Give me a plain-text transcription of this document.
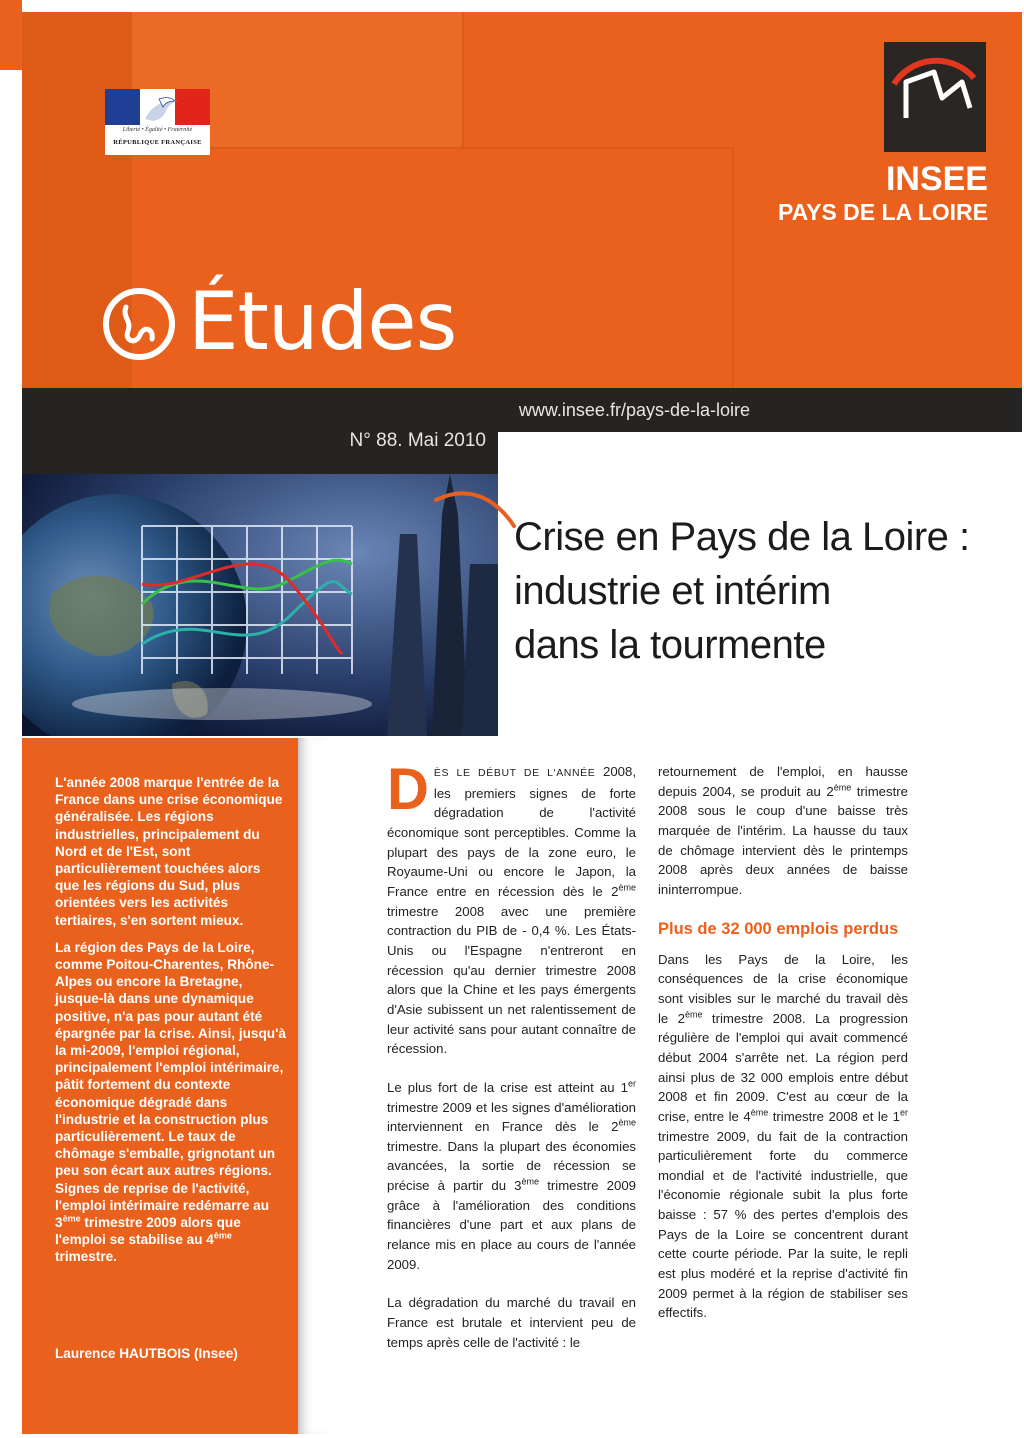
Liberté • Égalité • Fraternité
RÉPUBLIQUE FRANÇAISE
INSEE
PAYS DE LA LOIRE
Études
www.insee.fr/pays-de-la-loire
N° 88. Mai 2010
Crise en Pays de la Loire :
industrie et intérim
dans la tourmente

L'année 2008 marque l'entrée de la France dans une crise économique généralisée. Les régions industrielles, principalement du Nord et de l'Est, sont particulièrement touchées alors que les régions du Sud, plus orientées vers les activités tertiaires, s'en sortent mieux.

La région des Pays de la Loire, comme Poitou-Charentes, Rhône-Alpes ou encore la Bretagne, jusque-là dans une dynamique positive, n'a pas pour autant été épargnée par la crise. Ainsi, jusqu'à la mi-2009, l'emploi régional, principalement l'emploi intérimaire, pâtit fortement du contexte économique dégradé dans l'industrie et la construction plus particulièrement. Le taux de chômage s'emballe, grignotant un peu son écart aux autres régions. Signes de reprise de l'activité, l'emploi intérimaire redémarre au 3ème trimestre 2009 alors que l'emploi se stabilise au 4ème trimestre.

Laurence HAUTBOIS (Insee)

DÈS LE DÉBUT DE L'ANNÉE 2008, les premiers signes de forte dégradation de l'activité économique sont perceptibles. Comme la plupart des pays de la zone euro, le Royaume-Uni ou encore le Japon, la France entre en récession dès le 2ème trimestre 2008 avec une première contraction du PIB de - 0,4 %. Les États-Unis ou l'Espagne n'entreront en récession qu'au dernier trimestre 2008 alors que la Chine et les pays émergents d'Asie subissent un net ralentissement de leur activité sans pour autant connaître de récession.

Le plus fort de la crise est atteint au 1er trimestre 2009 et les signes d'amélioration interviennent en France dès le 2ème trimestre. Dans la plupart des économies avancées, la sortie de récession se précise à partir du 3ème trimestre 2009 grâce à l'amélioration des conditions financières d'une part et aux plans de relance mis en place au cours de l'année 2009.

La dégradation du marché du travail en France est brutale et intervient peu de temps après celle de l'activité : le

retournement de l'emploi, en hausse depuis 2004, se produit au 2ème trimestre 2008 sous le coup d'une baisse très marquée de l'intérim. La hausse du taux de chômage intervient dès le printemps 2008 après deux années de baisse ininterrompue.

Plus de 32 000 emplois perdus

Dans les Pays de la Loire, les conséquences de la crise économique sont visibles sur le marché du travail dès le 2ème trimestre 2008. La progression régulière de l'emploi qui avait commencé début 2004 s'arrête net. La région perd ainsi plus de 32 000 emplois entre début 2008 et fin 2009. C'est au cœur de la crise, entre le 4ème trimestre 2008 et le 1er trimestre 2009, du fait de la contraction particulièrement forte du commerce mondial et de l'activité industrielle, que l'économie régionale subit la plus forte baisse : 57 % des pertes d'emplois des Pays de la Loire se concentrent durant cette courte période. Par la suite, le repli est plus modéré et la reprise d'activité fin 2009 permet à la région de stabiliser ses effectifs.
